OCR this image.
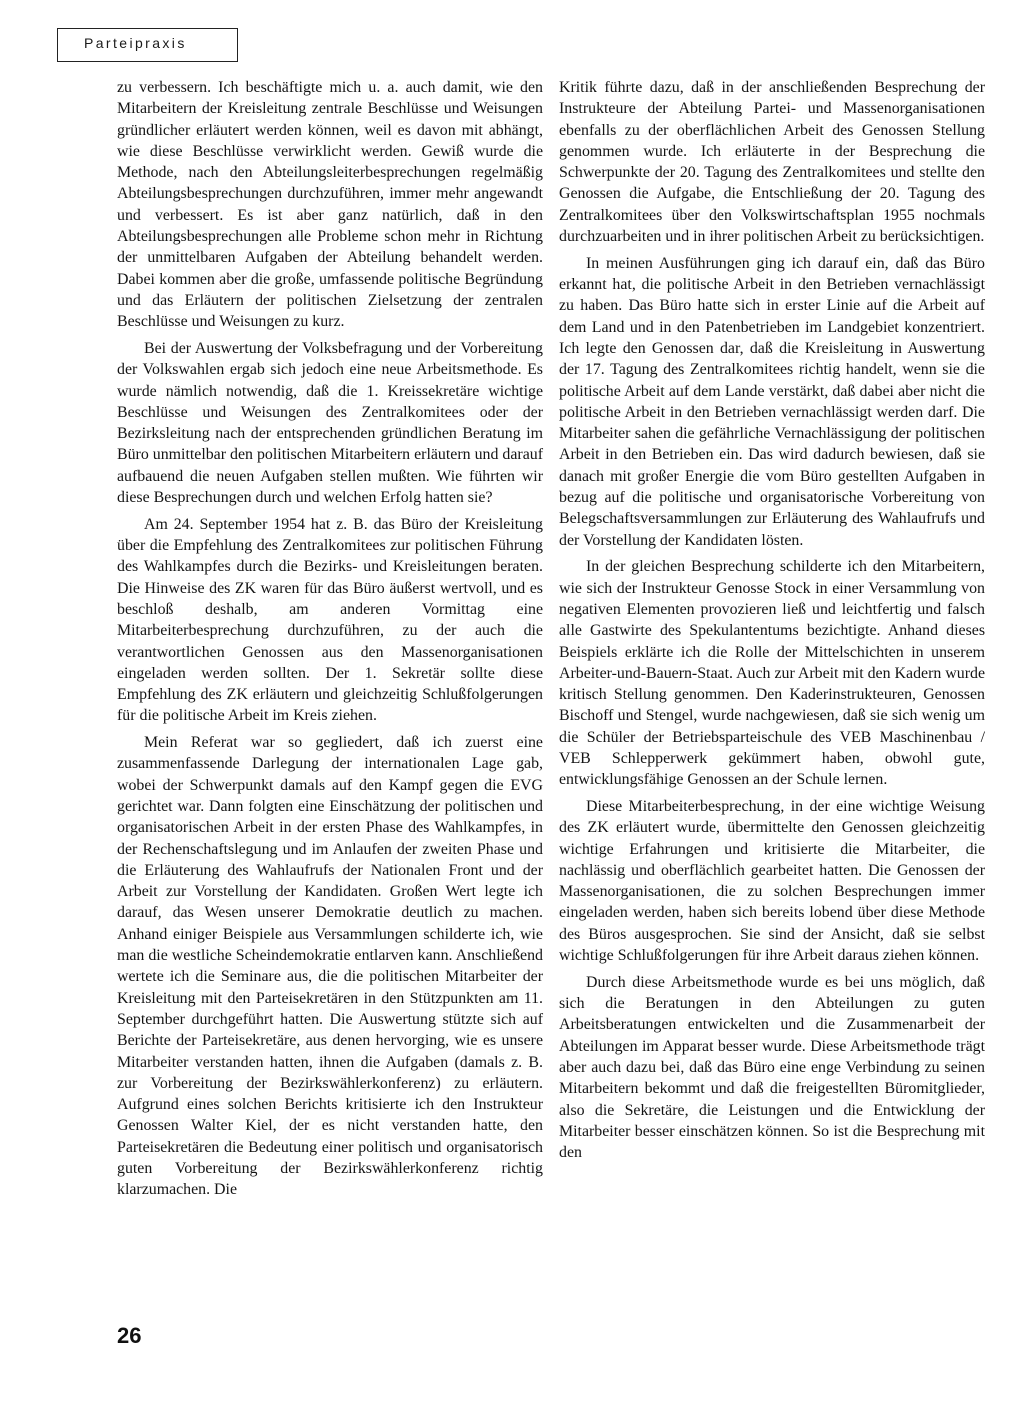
Parteipraxis

zu verbessern. Ich beschäftigte mich u. a. auch damit, wie den Mitarbeitern der Kreisleitung zentrale Beschlüsse und Weisungen gründlicher erläutert werden können, weil es davon mit abhängt, wie diese Beschlüsse verwirklicht werden. Gewiß wurde die Methode, nach den Abteilungsleiterbesprechungen regelmäßig Abteilungsbesprechungen durchzuführen, immer mehr angewandt und verbessert. Es ist aber ganz natürlich, daß in den Abteilungsbesprechungen alle Probleme schon mehr in Richtung der unmittelbaren Aufgaben der Abteilung behandelt werden. Dabei kommen aber die große, umfassende politische Begründung und das Erläutern der politischen Zielsetzung der zentralen Beschlüsse und Weisungen zu kurz.

Bei der Auswertung der Volksbefragung und der Vorbereitung der Volkswahlen ergab sich jedoch eine neue Arbeitsmethode. Es wurde nämlich notwendig, daß die 1. Kreissekretäre wichtige Beschlüsse und Weisungen des Zentralkomitees oder der Bezirksleitung nach der entsprechenden gründlichen Beratung im Büro unmittelbar den politischen Mitarbeitern erläutern und darauf aufbauend die neuen Aufgaben stellen mußten. Wie führten wir diese Besprechungen durch und welchen Erfolg hatten sie?

Am 24. September 1954 hat z. B. das Büro der Kreisleitung über die Empfehlung des Zentralkomitees zur politischen Führung des Wahlkampfes durch die Bezirks- und Kreisleitungen beraten. Die Hinweise des ZK waren für das Büro äußerst wertvoll, und es beschloß deshalb, am anderen Vormittag eine Mitarbeiterbesprechung durchzuführen, zu der auch die verantwortlichen Genossen aus den Massenorganisationen eingeladen werden sollten. Der 1. Sekretär sollte diese Empfehlung des ZK erläutern und gleichzeitig Schlußfolgerungen für die politische Arbeit im Kreis ziehen.

Mein Referat war so gegliedert, daß ich zuerst eine zusammenfassende Darlegung der internationalen Lage gab, wobei der Schwerpunkt damals auf den Kampf gegen die EVG gerichtet war. Dann folgten eine Einschätzung der politischen und organisatorischen Arbeit in der ersten Phase des Wahlkampfes, in der Rechenschaftslegung und im Anlaufen der zweiten Phase und die Erläuterung des Wahlaufrufs der Nationalen Front und der Arbeit zur Vorstellung der Kandidaten. Großen Wert legte ich darauf, das Wesen unserer Demokratie deutlich zu machen. Anhand einiger Beispiele aus Versammlungen schilderte ich, wie man die westliche Scheindemokratie entlarven kann. Anschließend wertete ich die Seminare aus, die die politischen Mitarbeiter der Kreisleitung mit den Parteisekretären in den Stützpunkten am 11. September durchgeführt hatten. Die Auswertung stützte sich auf Berichte der Parteisekretäre, aus denen hervorging, wie es unsere Mitarbeiter verstanden hatten, ihnen die Aufgaben (damals z. B. zur Vorbereitung der Bezirkswählerkonferenz) zu erläutern. Aufgrund eines solchen Berichts kritisierte ich den Instrukteur Genossen Walter Kiel, der es nicht verstanden hatte, den Parteisekretären die Bedeutung einer politisch und organisatorisch guten Vorbereitung der Bezirkswählerkonferenz richtig klarzumachen. Die

Kritik führte dazu, daß in der anschließenden Besprechung der Instrukteure der Abteilung Partei- und Massenorganisationen ebenfalls zu der oberflächlichen Arbeit des Genossen Stellung genommen wurde. Ich erläuterte in der Besprechung die Schwerpunkte der 20. Tagung des Zentralkomitees und stellte den Genossen die Aufgabe, die Entschließung der 20. Tagung des Zentralkomitees über den Volkswirtschaftsplan 1955 nochmals durchzuarbeiten und in ihrer politischen Arbeit zu berücksichtigen.

In meinen Ausführungen ging ich darauf ein, daß das Büro erkannt hat, die politische Arbeit in den Betrieben vernachlässigt zu haben. Das Büro hatte sich in erster Linie auf die Arbeit auf dem Land und in den Patenbetrieben im Landgebiet konzentriert. Ich legte den Genossen dar, daß die Kreisleitung in Auswertung der 17. Tagung des Zentralkomitees richtig handelt, wenn sie die politische Arbeit auf dem Lande verstärkt, daß dabei aber nicht die politische Arbeit in den Betrieben vernachlässigt werden darf. Die Mitarbeiter sahen die gefährliche Vernachlässigung der politischen Arbeit in den Betrieben ein. Das wird dadurch bewiesen, daß sie danach mit großer Energie die vom Büro gestellten Aufgaben in bezug auf die politische und organisatorische Vorbereitung von Belegschaftsversammlungen zur Erläuterung des Wahlaufrufs und der Vorstellung der Kandidaten lösten.

In der gleichen Besprechung schilderte ich den Mitarbeitern, wie sich der Instrukteur Genosse Stock in einer Versammlung von negativen Elementen provozieren ließ und leichtfertig und falsch alle Gastwirte des Spekulantentums bezichtigte. Anhand dieses Beispiels erklärte ich die Rolle der Mittelschichten in unserem Arbeiter-und-Bauern-Staat. Auch zur Arbeit mit den Kadern wurde kritisch Stellung genommen. Den Kaderinstrukteuren, Genossen Bischoff und Stengel, wurde nachgewiesen, daß sie sich wenig um die Schüler der Betriebsparteischule des VEB Maschinenbau / VEB Schlepperwerk gekümmert haben, obwohl gute, entwicklungsfähige Genossen an der Schule lernen.

Diese Mitarbeiterbesprechung, in der eine wichtige Weisung des ZK erläutert wurde, übermittelte den Genossen gleichzeitig wichtige Erfahrungen und kritisierte die Mitarbeiter, die nachlässig und oberflächlich gearbeitet hatten. Die Genossen der Massenorganisationen, die zu solchen Besprechungen immer eingeladen werden, haben sich bereits lobend über diese Methode des Büros ausgesprochen. Sie sind der Ansicht, daß sie selbst wichtige Schlußfolgerungen für ihre Arbeit daraus ziehen können.

Durch diese Arbeitsmethode wurde es bei uns möglich, daß sich die Beratungen in den Abteilungen zu guten Arbeitsberatungen entwickelten und die Zusammenarbeit der Abteilungen im Apparat besser wurde. Diese Arbeitsmethode trägt aber auch dazu bei, daß das Büro eine enge Verbindung zu seinen Mitarbeitern bekommt und daß die freigestellten Büromitglieder, also die Sekretäre, die Leistungen und die Entwicklung der Mitarbeiter besser einschätzen können. So ist die Besprechung mit den

26
